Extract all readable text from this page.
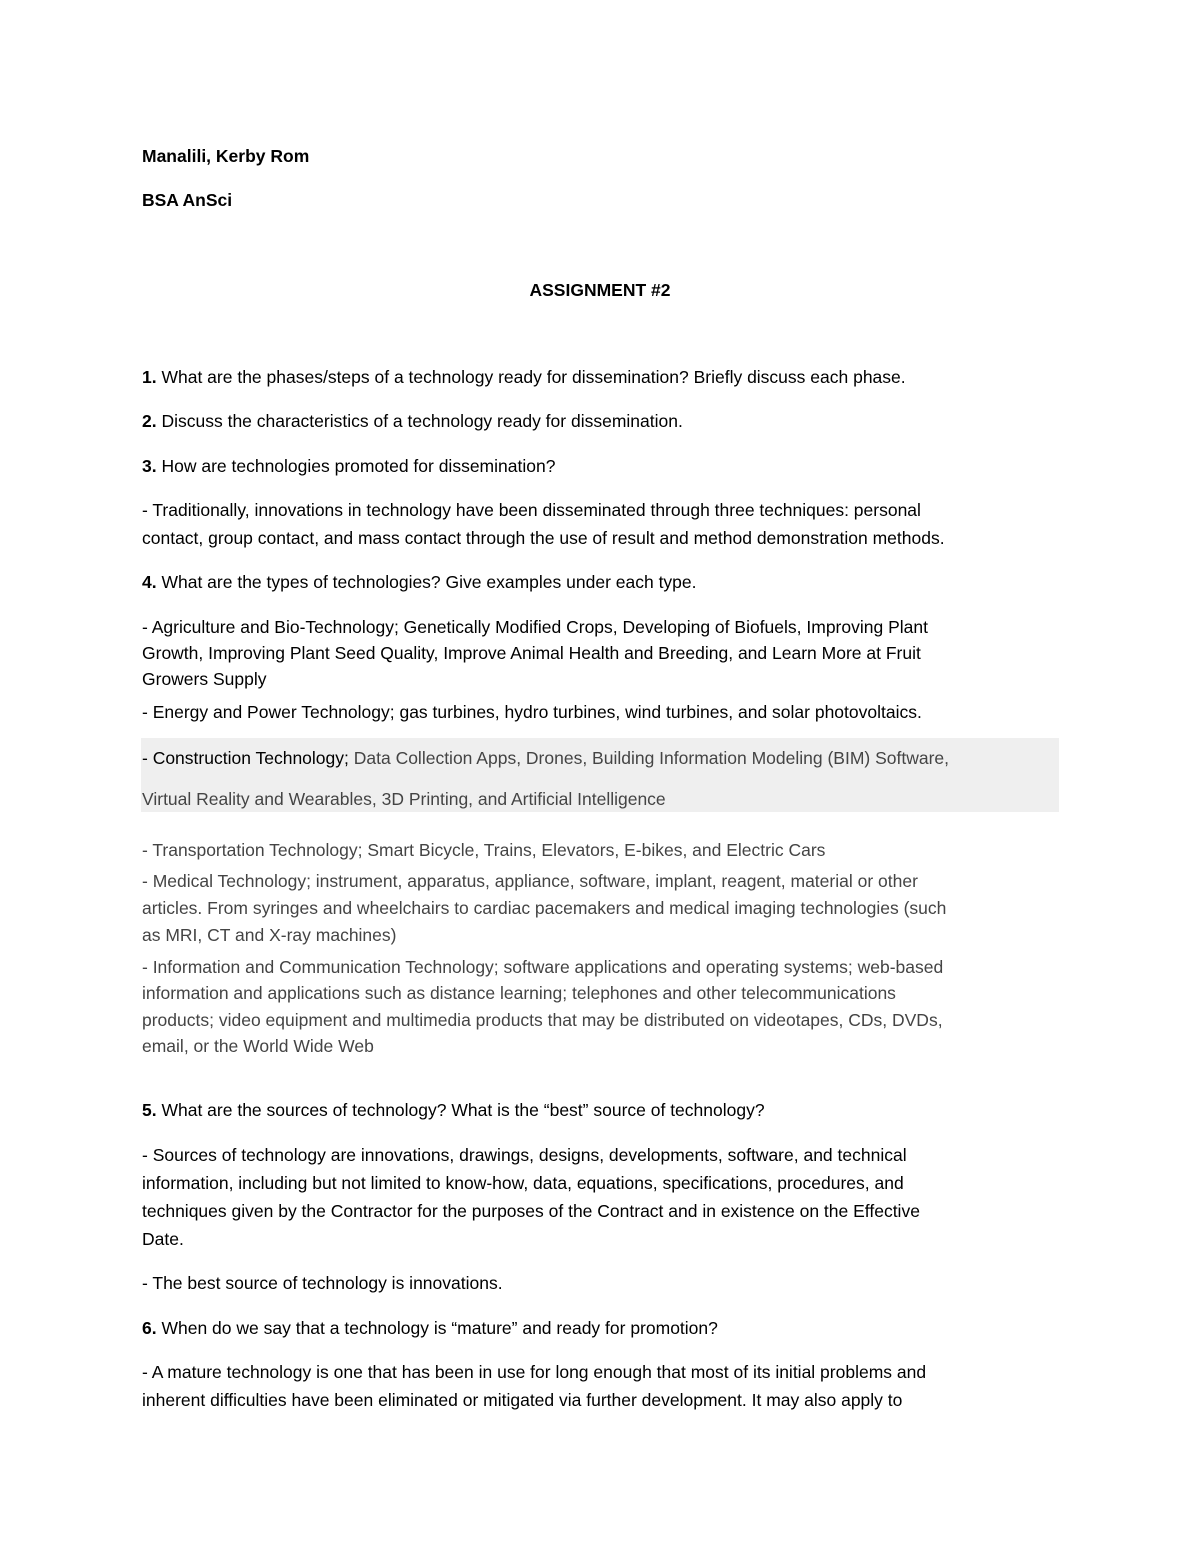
Manalili, Kerby Rom
BSA AnSci
ASSIGNMENT #2
1. What are the phases/steps of a technology ready for dissemination? Briefly discuss each phase.
2. Discuss the characteristics of a technology ready for dissemination.
3. How are technologies promoted for dissemination?
- Traditionally, innovations in technology have been disseminated through three techniques: personal
contact, group contact, and mass contact through the use of result and method demonstration methods.
4. What are the types of technologies? Give examples under each type.
- Agriculture and Bio-Technology; Genetically Modified Crops, Developing of Biofuels, Improving Plant
Growth, Improving Plant Seed Quality, Improve Animal Health and Breeding, and Learn More at Fruit
Growers Supply
- Energy and Power Technology; gas turbines, hydro turbines, wind turbines, and solar photovoltaics.
- Construction Technology; Data Collection Apps, Drones, Building Information Modeling (BIM) Software,
Virtual Reality and Wearables, 3D Printing, and Artificial Intelligence
- Transportation Technology; Smart Bicycle, Trains, Elevators, E-bikes, and Electric Cars
- Medical Technology; instrument, apparatus, appliance, software, implant, reagent, material or other
articles. From syringes and wheelchairs to cardiac pacemakers and medical imaging technologies (such
as MRI, CT and X-ray machines)
- Information and Communication Technology; software applications and operating systems; web-based
information and applications such as distance learning; telephones and other telecommunications
products; video equipment and multimedia products that may be distributed on videotapes, CDs, DVDs,
email, or the World Wide Web
5. What are the sources of technology? What is the “best” source of technology?
- Sources of technology are innovations, drawings, designs, developments, software, and technical
information, including but not limited to know-how, data, equations, specifications, procedures, and
techniques given by the Contractor for the purposes of the Contract and in existence on the Effective
Date.
- The best source of technology is innovations.
6. When do we say that a technology is “mature” and ready for promotion?
- A mature technology is one that has been in use for long enough that most of its initial problems and
inherent difficulties have been eliminated or mitigated via further development. It may also apply to
